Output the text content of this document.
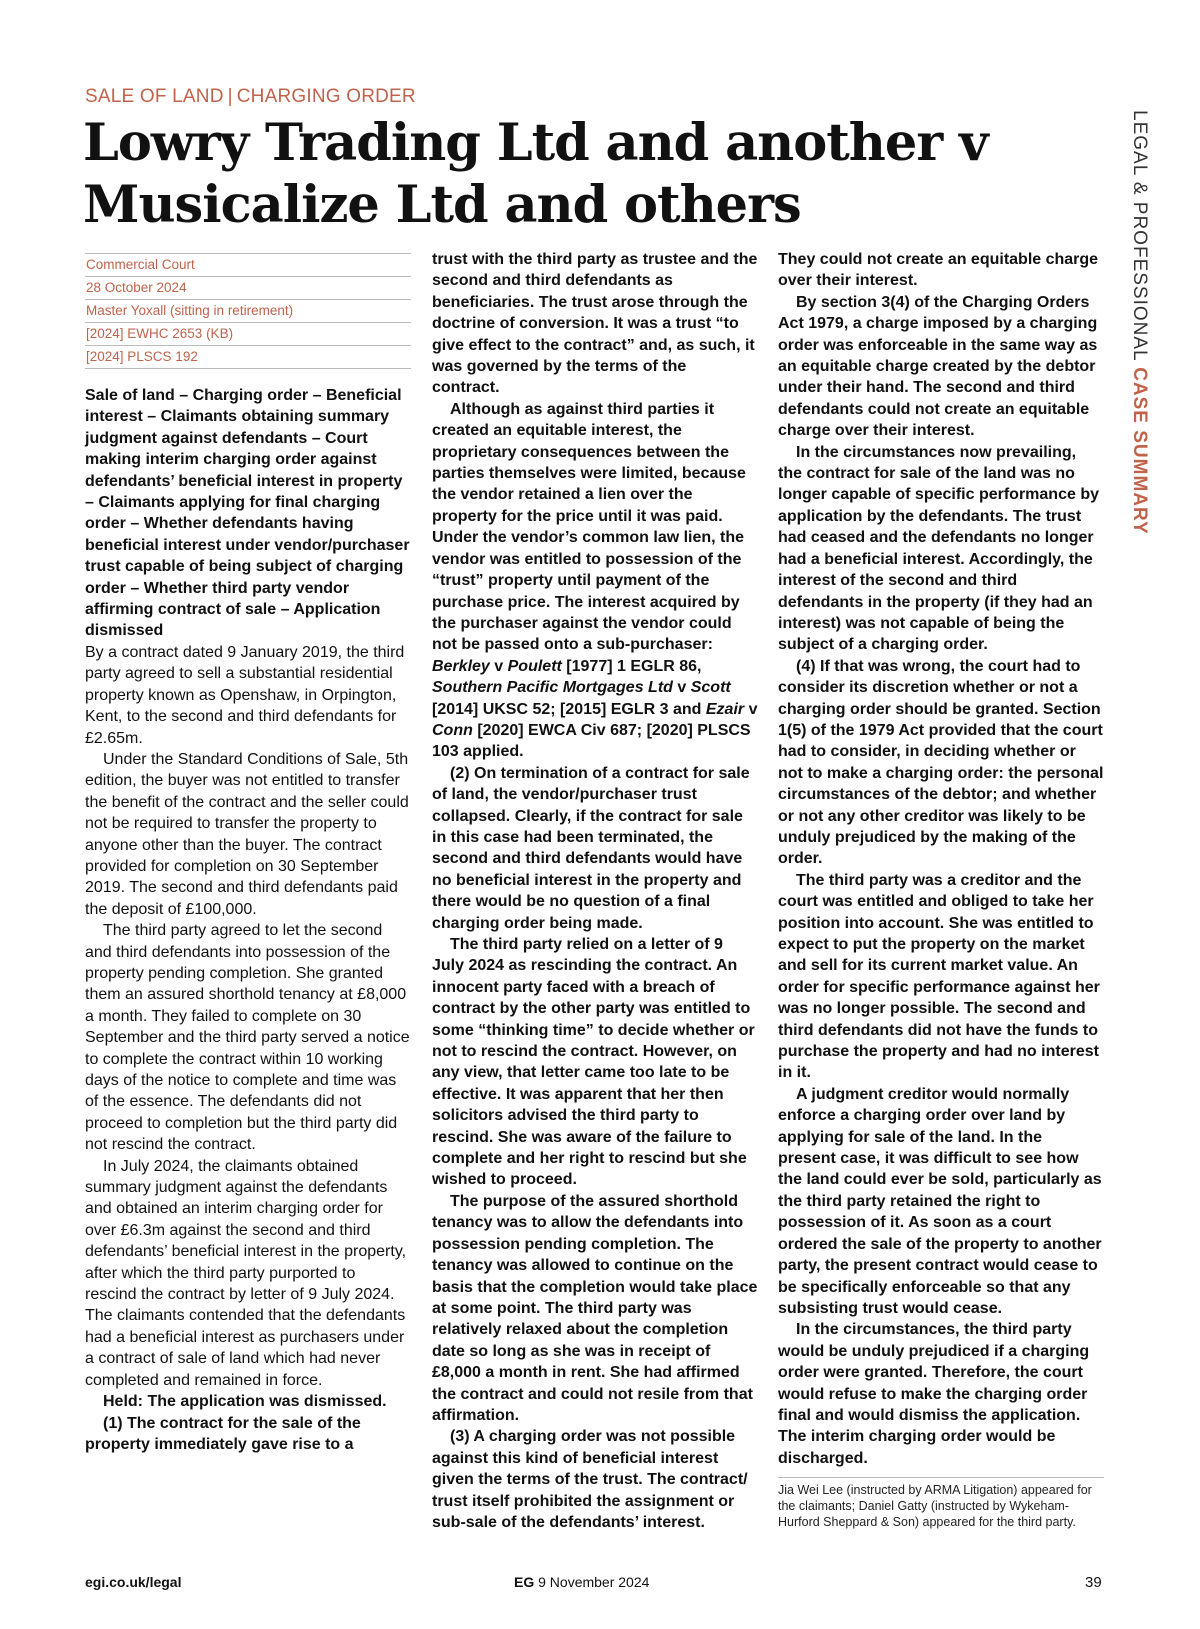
SALE OF LAND | CHARGING ORDER
Lowry Trading Ltd and another v Musicalize Ltd and others	LEGAL & PROFESSIONAL CASE SUMMARY
Commercial Court
28 October 2024
Master Yoxall (sitting in retirement)
[2024] EWHC 2653 (KB)
[2024] PLSCS 192

Sale of land – Charging order – Beneficial interest – Claimants obtaining summary judgment against defendants – Court making interim charging order against defendants’ beneficial interest in property – Claimants applying for final charging order – Whether defendants having beneficial interest under vendor/purchaser trust capable of being subject of charging order – Whether third party vendor affirming contract of sale – Application dismissed

By a contract dated 9 January 2019, the third party agreed to sell a substantial residential property known as Openshaw, in Orpington, Kent, to the second and third defendants for £2.65m.

Under the Standard Conditions of Sale, 5th edition, the buyer was not entitled to transfer the benefit of the contract and the seller could not be required to transfer the property to anyone other than the buyer. The contract provided for completion on 30 September 2019. The second and third defendants paid the deposit of £100,000.

The third party agreed to let the second and third defendants into possession of the property pending completion. She granted them an assured shorthold tenancy at £8,000 a month. They failed to complete on 30 September and the third party served a notice to complete the contract within 10 working days of the notice to complete and time was of the essence. The defendants did not proceed to completion but the third party did not rescind the contract.

In July 2024, the claimants obtained summary judgment against the defendants and obtained an interim charging order for over £6.3m against the second and third defendants’ beneficial interest in the property, after which the third party purported to rescind the contract by letter of 9 July 2024. The claimants contended that the defendants had a beneficial interest as purchasers under a contract of sale of land which had never completed and remained in force.

Held: The application was dismissed.

(1) The contract for the sale of the property immediately gave rise to a

trust with the third party as trustee and the second and third defendants as beneficiaries. The trust arose through the doctrine of conversion. It was a trust “to give effect to the contract” and, as such, it was governed by the terms of the contract.

Although as against third parties it created an equitable interest, the proprietary consequences between the parties themselves were limited, because the vendor retained a lien over the property for the price until it was paid. Under the vendor’s common law lien, the vendor was entitled to possession of the “trust” property until payment of the purchase price. The interest acquired by the purchaser against the vendor could not be passed onto a sub-purchaser:

Berkley v Poulett [1977] 1 EGLR 86, Southern Pacific Mortgages Ltd v Scott [2014] UKSC 52; [2015] EGLR 3 and Ezair v Conn [2020] EWCA Civ 687; [2020] PLSCS 103 applied.

(2) On termination of a contract for sale of land, the vendor/purchaser trust collapsed. Clearly, if the contract for sale in this case had been terminated, the second and third defendants would have no beneficial interest in the property and there would be no question of a final charging order being made.

The third party relied on a letter of 9 July 2024 as rescinding the contract. An innocent party faced with a breach of contract by the other party was entitled to some “thinking time” to decide whether or not to rescind the contract. However, on any view, that letter came too late to be effective. It was apparent that her then solicitors advised the third party to rescind. She was aware of the failure to complete and her right to rescind but she wished to proceed.

The purpose of the assured shorthold tenancy was to allow the defendants into possession pending completion. The tenancy was allowed to continue on the basis that the completion would take place at some point. The third party was relatively relaxed about the completion date so long as she was in receipt of £8,000 a month in rent. She had affirmed the contract and could not resile from that affirmation.

(3) A charging order was not possible against this kind of beneficial interest given the terms of the trust. The contract/ trust itself prohibited the assignment or sub-sale of the defendants’ interest.

They could not create an equitable charge over their interest.

By section 3(4) of the Charging Orders Act 1979, a charge imposed by a charging order was enforceable in the same way as an equitable charge created by the debtor under their hand. The second and third defendants could not create an equitable charge over their interest.

In the circumstances now prevailing, the contract for sale of the land was no longer capable of specific performance by application by the defendants. The trust had ceased and the defendants no longer had a beneficial interest. Accordingly, the interest of the second and third defendants in the property (if they had an interest) was not capable of being the subject of a charging order.

(4) If that was wrong, the court had to consider its discretion whether or not a charging order should be granted. Section 1(5) of the 1979 Act provided that the court had to consider, in deciding whether or not to make a charging order: the personal circumstances of the debtor; and whether or not any other creditor was likely to be unduly prejudiced by the making of the order.

The third party was a creditor and the court was entitled and obliged to take her position into account. She was entitled to expect to put the property on the market and sell for its current market value. An order for specific performance against her was no longer possible. The second and third defendants did not have the funds to purchase the property and had no interest in it.

A judgment creditor would normally enforce a charging order over land by applying for sale of the land. In the present case, it was difficult to see how the land could ever be sold, particularly as the third party retained the right to possession of it. As soon as a court ordered the sale of the property to another party, the present contract would cease to be specifically enforceable so that any subsisting trust would cease.

In the circumstances, the third party would be unduly prejudiced if a charging order were granted. Therefore, the court would refuse to make the charging order final and would dismiss the application. The interim charging order would be discharged.

Jia Wei Lee (instructed by ARMA Litigation) appeared for the claimants; Daniel Gatty (instructed by Wykeham-Hurford Sheppard & Son) appeared for the third party.
egi.co.uk/legal	EG 9 November 2024	39
